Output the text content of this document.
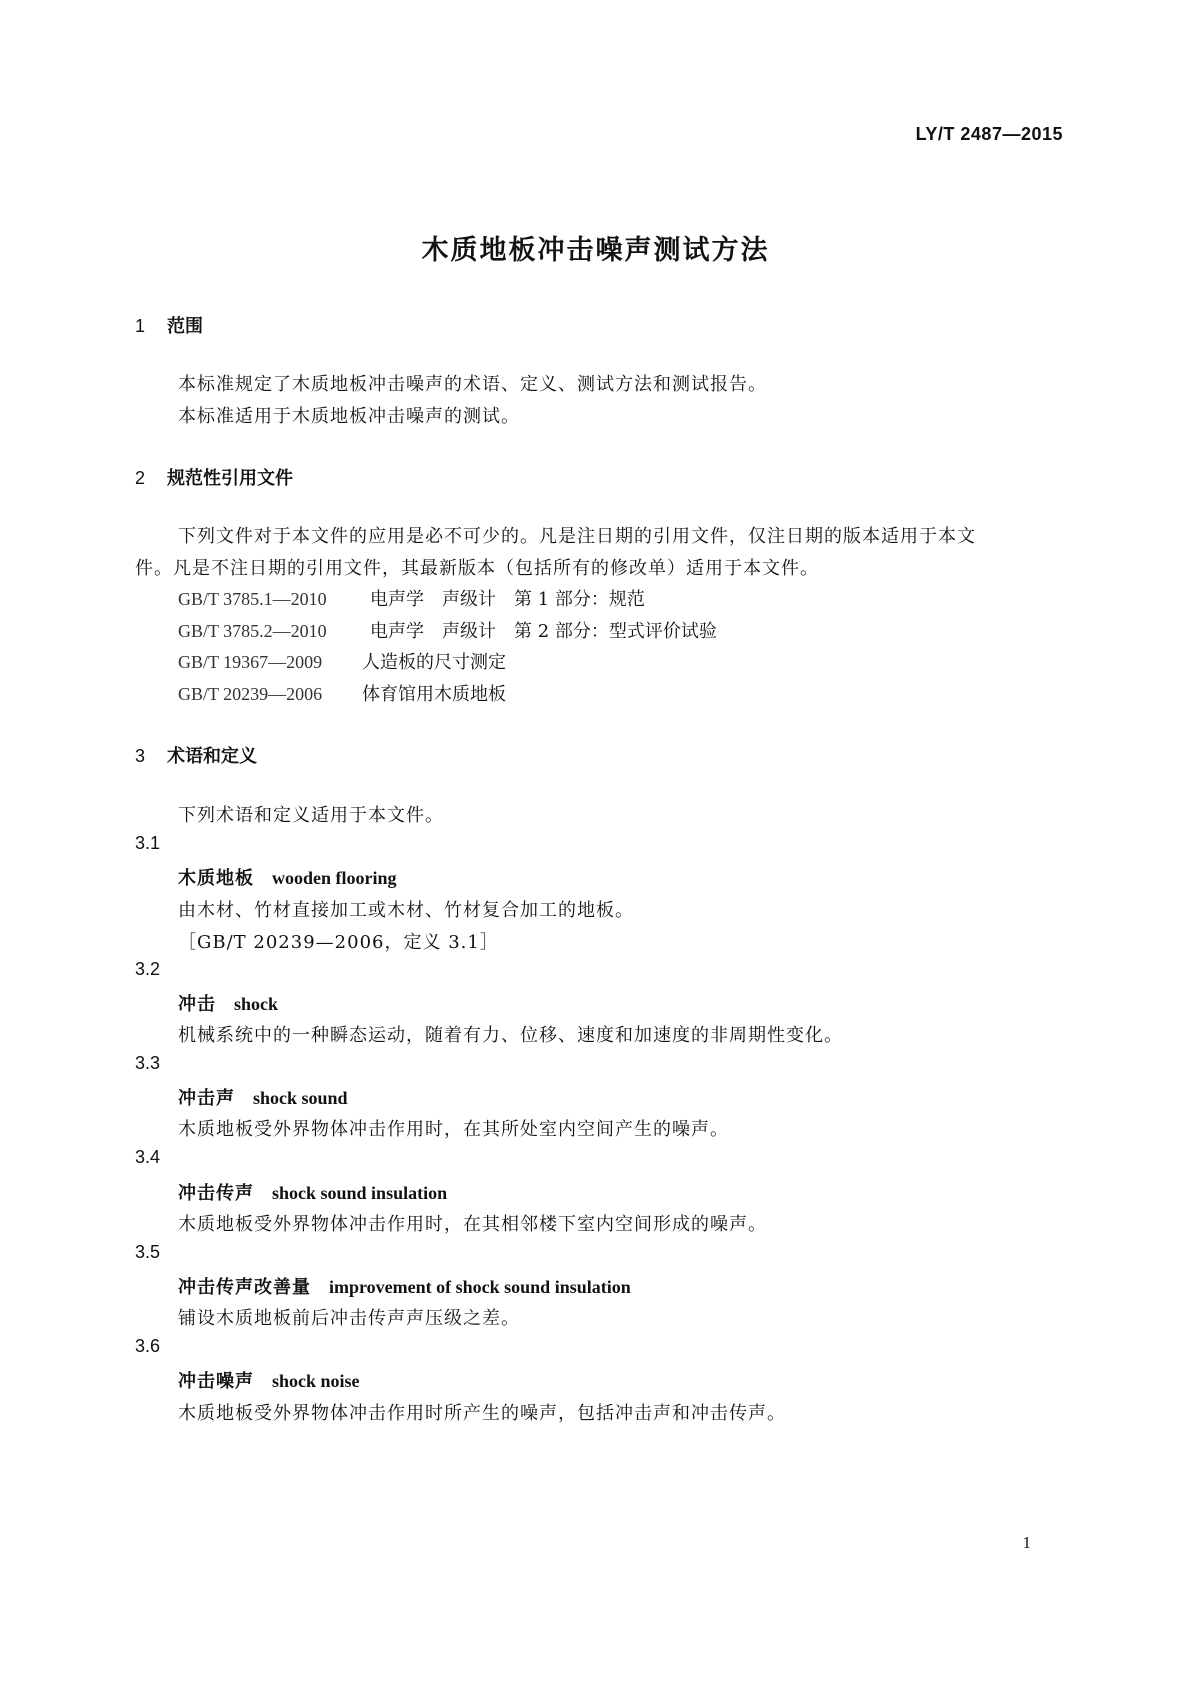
LY/T 2487—2015
木质地板冲击噪声测试方法
1 范围
本标准规定了木质地板冲击噪声的术语、定义、测试方法和测试报告。
本标准适用于木质地板冲击噪声的测试。
2 规范性引用文件
下列文件对于本文件的应用是必不可少的。凡是注日期的引用文件，仅注日期的版本适用于本文
件。凡是不注日期的引用文件，其最新版本（包括所有的修改单）适用于本文件。
GB/T 3785.1—2010 电声学　声级计　第 1 部分：规范
GB/T 3785.2—2010 电声学　声级计　第 2 部分：型式评价试验
GB/T 19367—2009 人造板的尺寸测定
GB/T 20239—2006 体育馆用木质地板
3 术语和定义
下列术语和定义适用于本文件。
3.1
木质地板 wooden flooring
由木材、竹材直接加工或木材、竹材复合加工的地板。
［GB/T 20239—2006，定义 3.1］
3.2
冲击 shock
机械系统中的一种瞬态运动，随着有力、位移、速度和加速度的非周期性变化。
3.3
冲击声 shock sound
木质地板受外界物体冲击作用时，在其所处室内空间产生的噪声。
3.4
冲击传声 shock sound insulation
木质地板受外界物体冲击作用时，在其相邻楼下室内空间形成的噪声。
3.5
冲击传声改善量 improvement of shock sound insulation
铺设木质地板前后冲击传声声压级之差。
3.6
冲击噪声 shock noise
木质地板受外界物体冲击作用时所产生的噪声，包括冲击声和冲击传声。
1
